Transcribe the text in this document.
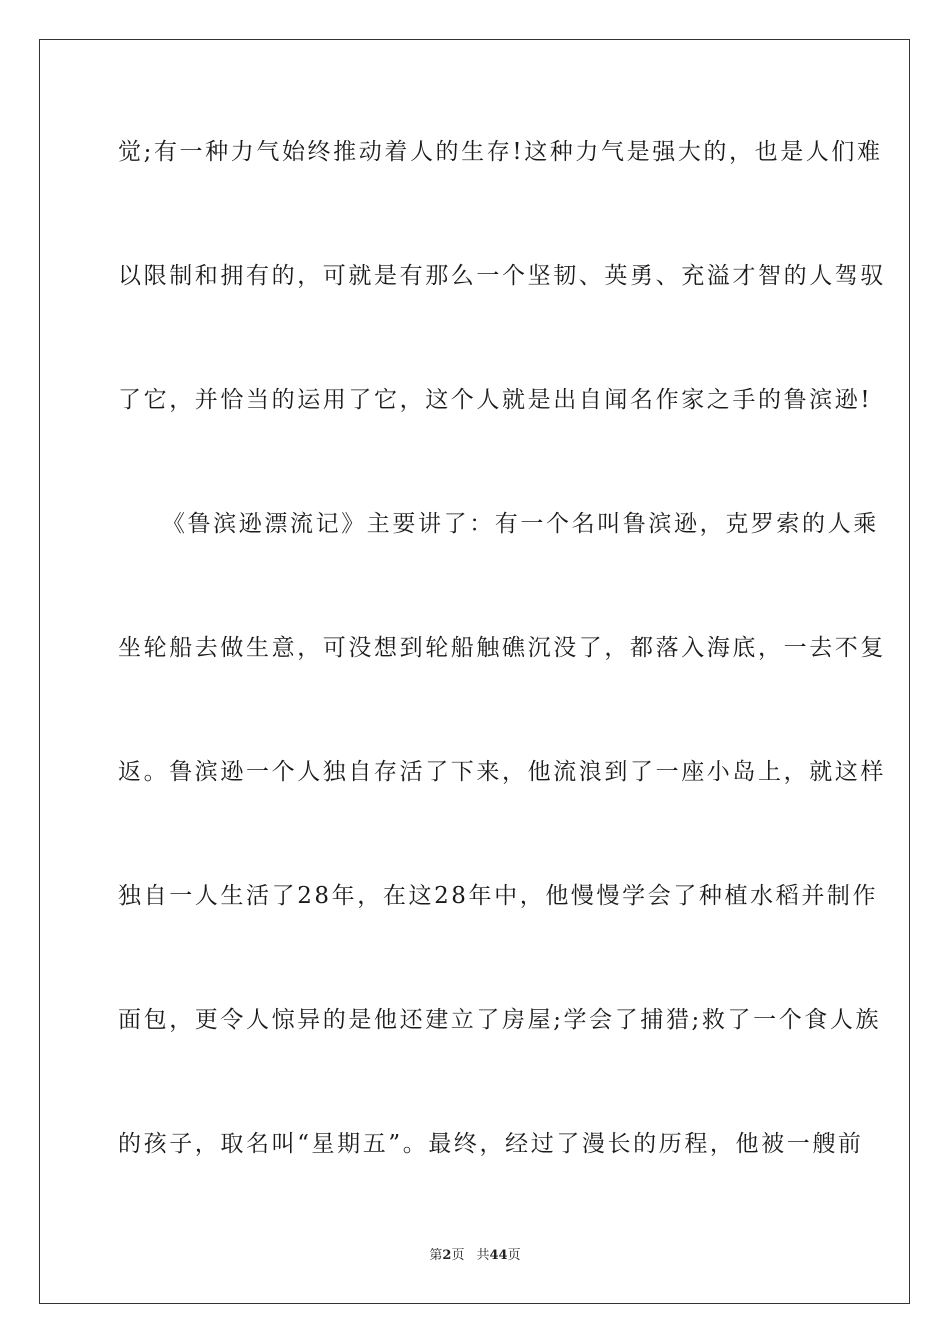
觉;有一种力气始终推动着人的生存!这种力气是强大的，也是人们难
以限制和拥有的，可就是有那么一个坚韧、英勇、充溢才智的人驾驭
了它，并恰当的运用了它，这个人就是出自闻名作家之手的鲁滨逊!
《鲁滨逊漂流记》主要讲了：有一个名叫鲁滨逊，克罗索的人乘
坐轮船去做生意，可没想到轮船触礁沉没了，都落入海底，一去不复
返。鲁滨逊一个人独自存活了下来，他流浪到了一座小岛上，就这样
独自一人生活了28年，在这28年中，他慢慢学会了种植水稻并制作
面包，更令人惊异的是他还建立了房屋;学会了捕猎;救了一个食人族
的孩子，取名叫“星期五”。最终，经过了漫长的历程，他被一艘前
第2页 共44页
